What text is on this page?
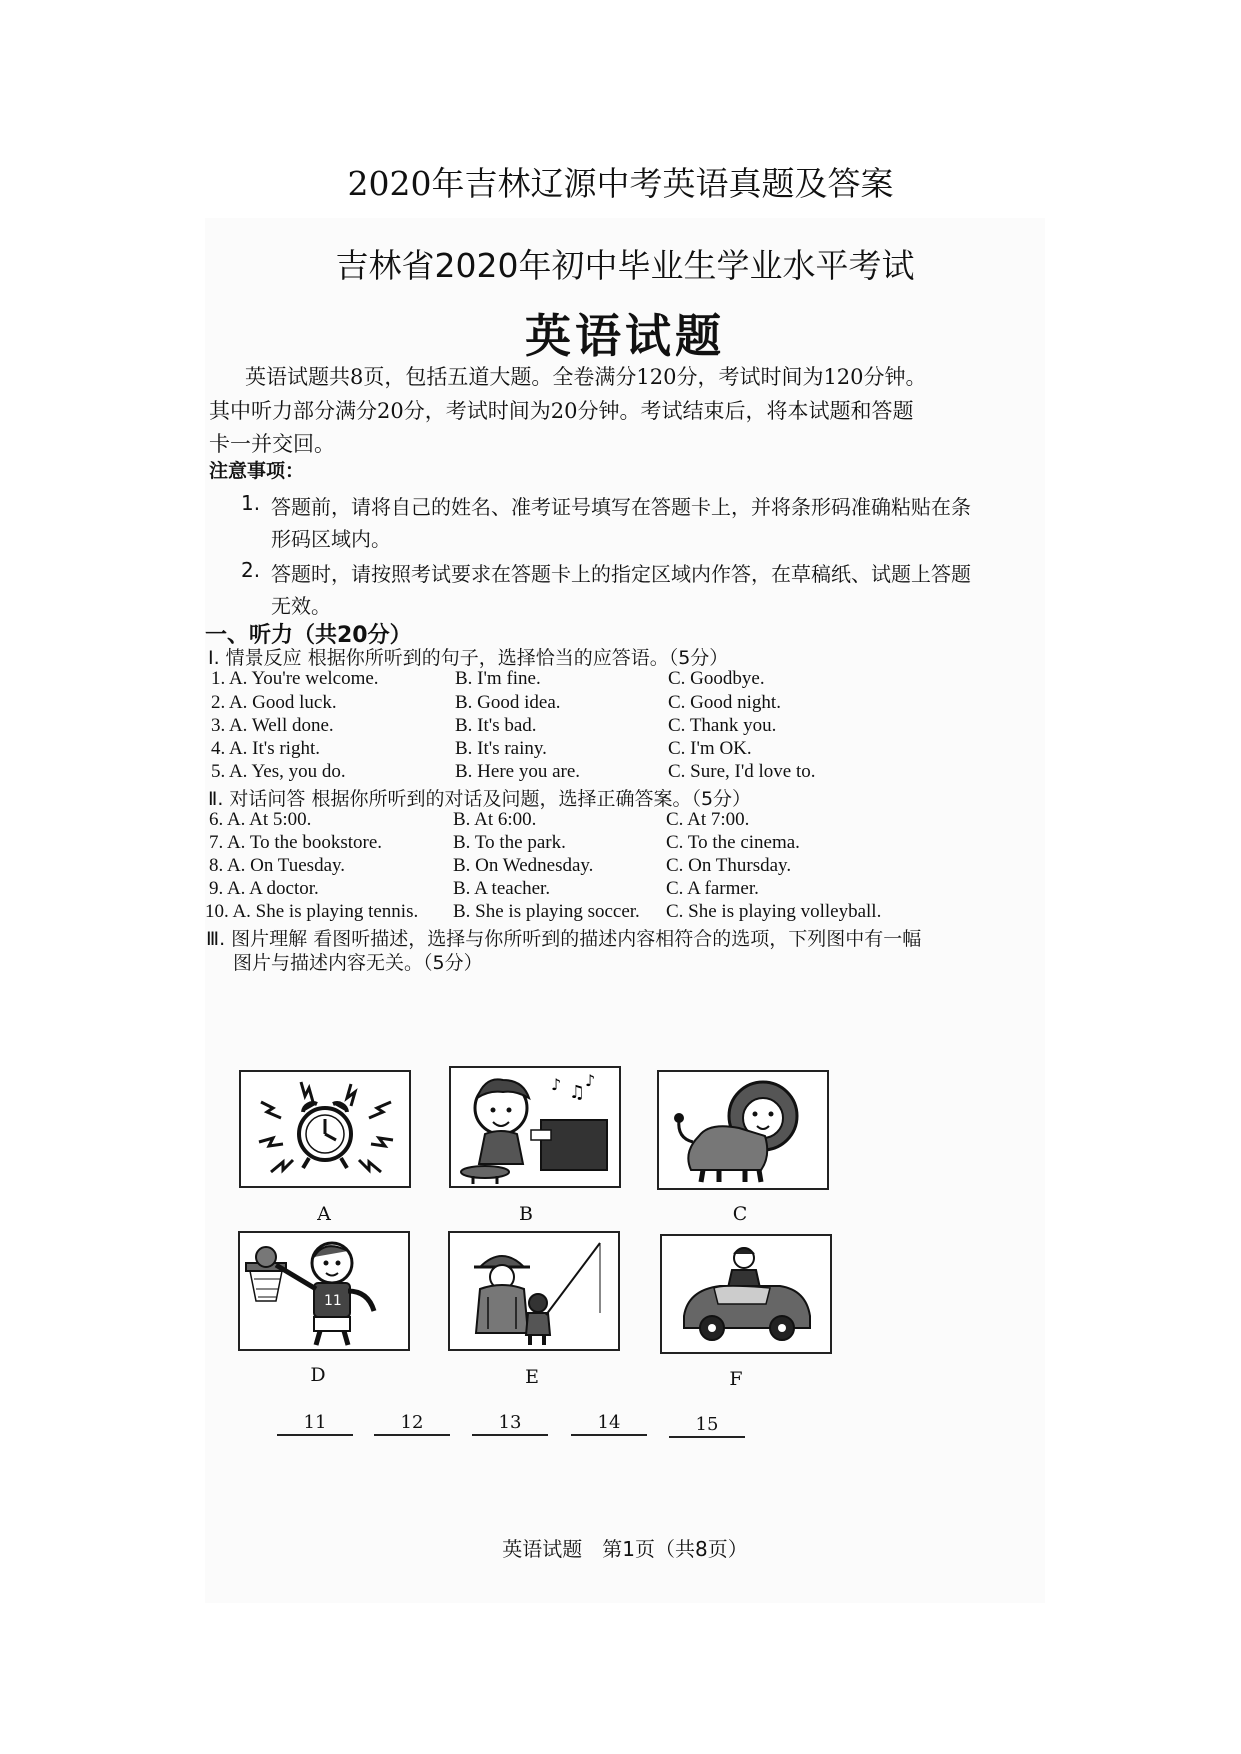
2020年吉林辽源中考英语真题及答案
吉林省2020年初中毕业生学业水平考试
英语试题
英语试题共8页，包括五道大题。全卷满分120分，考试时间为120分钟。
其中听力部分满分20分，考试时间为20分钟。考试结束后，将本试题和答题
卡一并交回。
注意事项：
1. 答题前，请将自己的姓名、准考证号填写在答题卡上，并将条形码准确粘贴在条
形码区域内。
2. 答题时，请按照考试要求在答题卡上的指定区域内作答，在草稿纸、试题上答题
无效。
一、听力（共20分）
Ⅰ. 情景反应 根据你所听到的句子，选择恰当的应答语。（5分）
1. A. You're welcome.	B. I'm fine.	C. Goodbye.
2. A. Good luck.	B. Good idea.	C. Good night.
3. A. Well done.	B. It's bad.	C. Thank you.
4. A. It's right.	B. It's rainy.	C. I'm OK.
5. A. Yes, you do.	B. Here you are.	C. Sure, I'd love to.
Ⅱ. 对话问答 根据你所听到的对话及问题，选择正确答案。（5分）
6. A. At 5:00.	B. At 6:00.	C. At 7:00.
7. A. To the bookstore.	B. To the park.	C. To the cinema.
8. A. On Tuesday.	B. On Wednesday.	C. On Thursday.
9. A. A doctor.	B. A teacher.	C. A farmer.
10. A. She is playing tennis. B. She is playing soccer. C. She is playing volleyball.
Ⅲ. 图片理解 看图听描述，选择与你所听到的描述内容相符合的选项，下列图中有一幅
图片与描述内容无关。（5分）
A
♪ ♫
♪
B	C
11
D	E	F
11	12	13	14	15
英语试题　第1页（共8页）
